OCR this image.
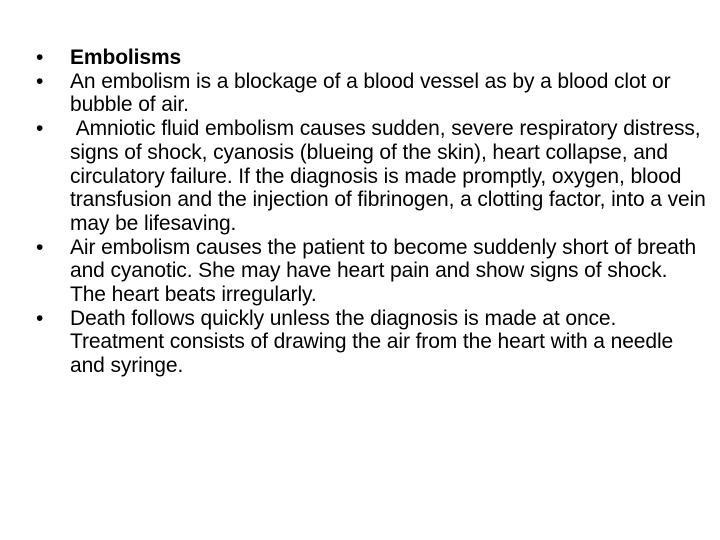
•	Embolisms
•	An embolism is a blockage of a blood vessel as by a blood clot or bubble of air.
•	Amniotic fluid embolism causes sudden, severe respiratory distress, signs of shock, cyanosis (blueing of the skin), heart collapse, and circulatory failure. If the diagnosis is made promptly, oxygen, blood transfusion and the injection of fibrinogen, a clotting factor, into a vein may be lifesaving.
•	Air embolism causes the patient to become suddenly short of breath and cyanotic. She may have heart pain and show signs of shock. The heart beats irregularly.
•	Death follows quickly unless the diagnosis is made at once. Treatment consists of drawing the air from the heart with a needle and syringe.
